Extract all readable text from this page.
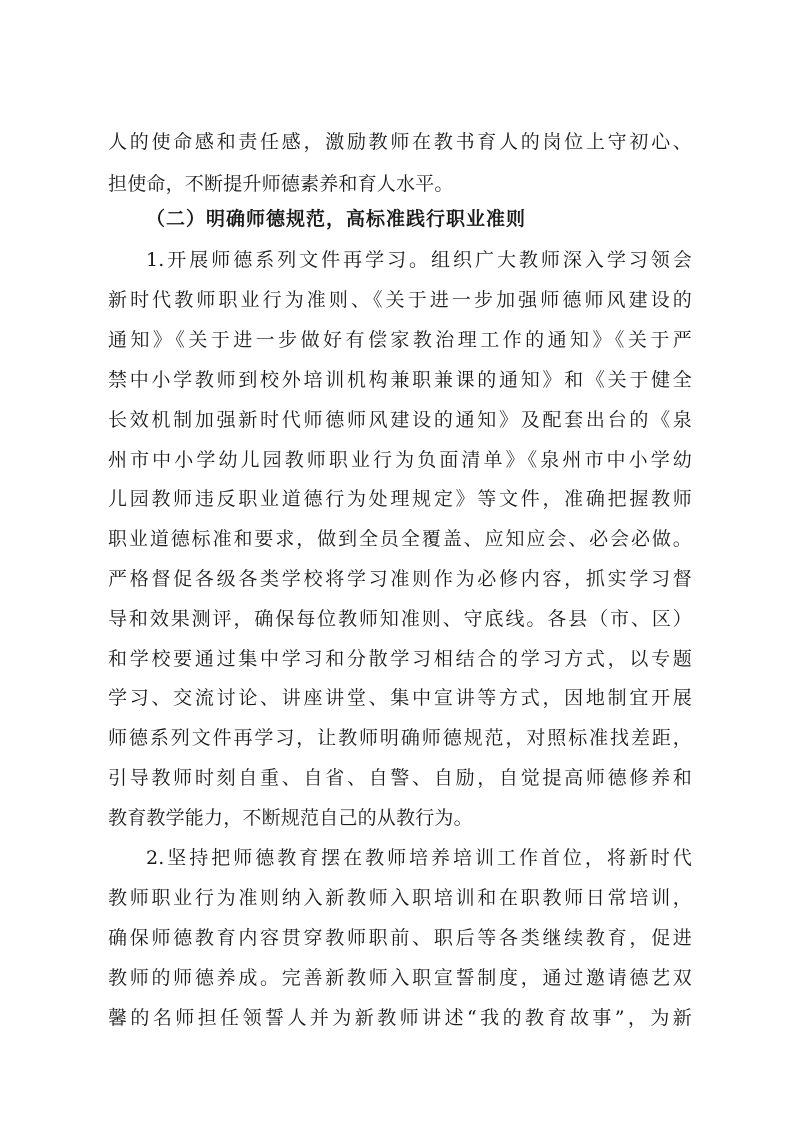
人的使命感和责任感，激励教师在教书育人的岗位上守初心、
担使命，不断提升师德素养和育人水平。
（二）明确师德规范，高标准践行职业准则
1.开展师德系列文件再学习。组织广大教师深入学习领会
新时代教师职业行为准则、《关于进一步加强师德师风建设的
通知》《关于进一步做好有偿家教治理工作的通知》《关于严
禁中小学教师到校外培训机构兼职兼课的通知》和《关于健全
长效机制加强新时代师德师风建设的通知》及配套出台的《泉
州市中小学幼儿园教师职业行为负面清单》《泉州市中小学幼
儿园教师违反职业道德行为处理规定》等文件，准确把握教师
职业道德标准和要求，做到全员全覆盖、应知应会、必会必做。
严格督促各级各类学校将学习准则作为必修内容，抓实学习督
导和效果测评，确保每位教师知准则、守底线。各县（市、区）
和学校要通过集中学习和分散学习相结合的学习方式，以专题
学习、交流讨论、讲座讲堂、集中宣讲等方式，因地制宜开展
师德系列文件再学习，让教师明确师德规范，对照标准找差距，
引导教师时刻自重、自省、自警、自励，自觉提高师德修养和
教育教学能力，不断规范自己的从教行为。
2.坚持把师德教育摆在教师培养培训工作首位，将新时代
教师职业行为准则纳入新教师入职培训和在职教师日常培训，
确保师德教育内容贯穿教师职前、职后等各类继续教育，促进
教师的师德养成。完善新教师入职宣誓制度，通过邀请德艺双
馨的名师担任领誓人并为新教师讲述“我的教育故事”，为新
